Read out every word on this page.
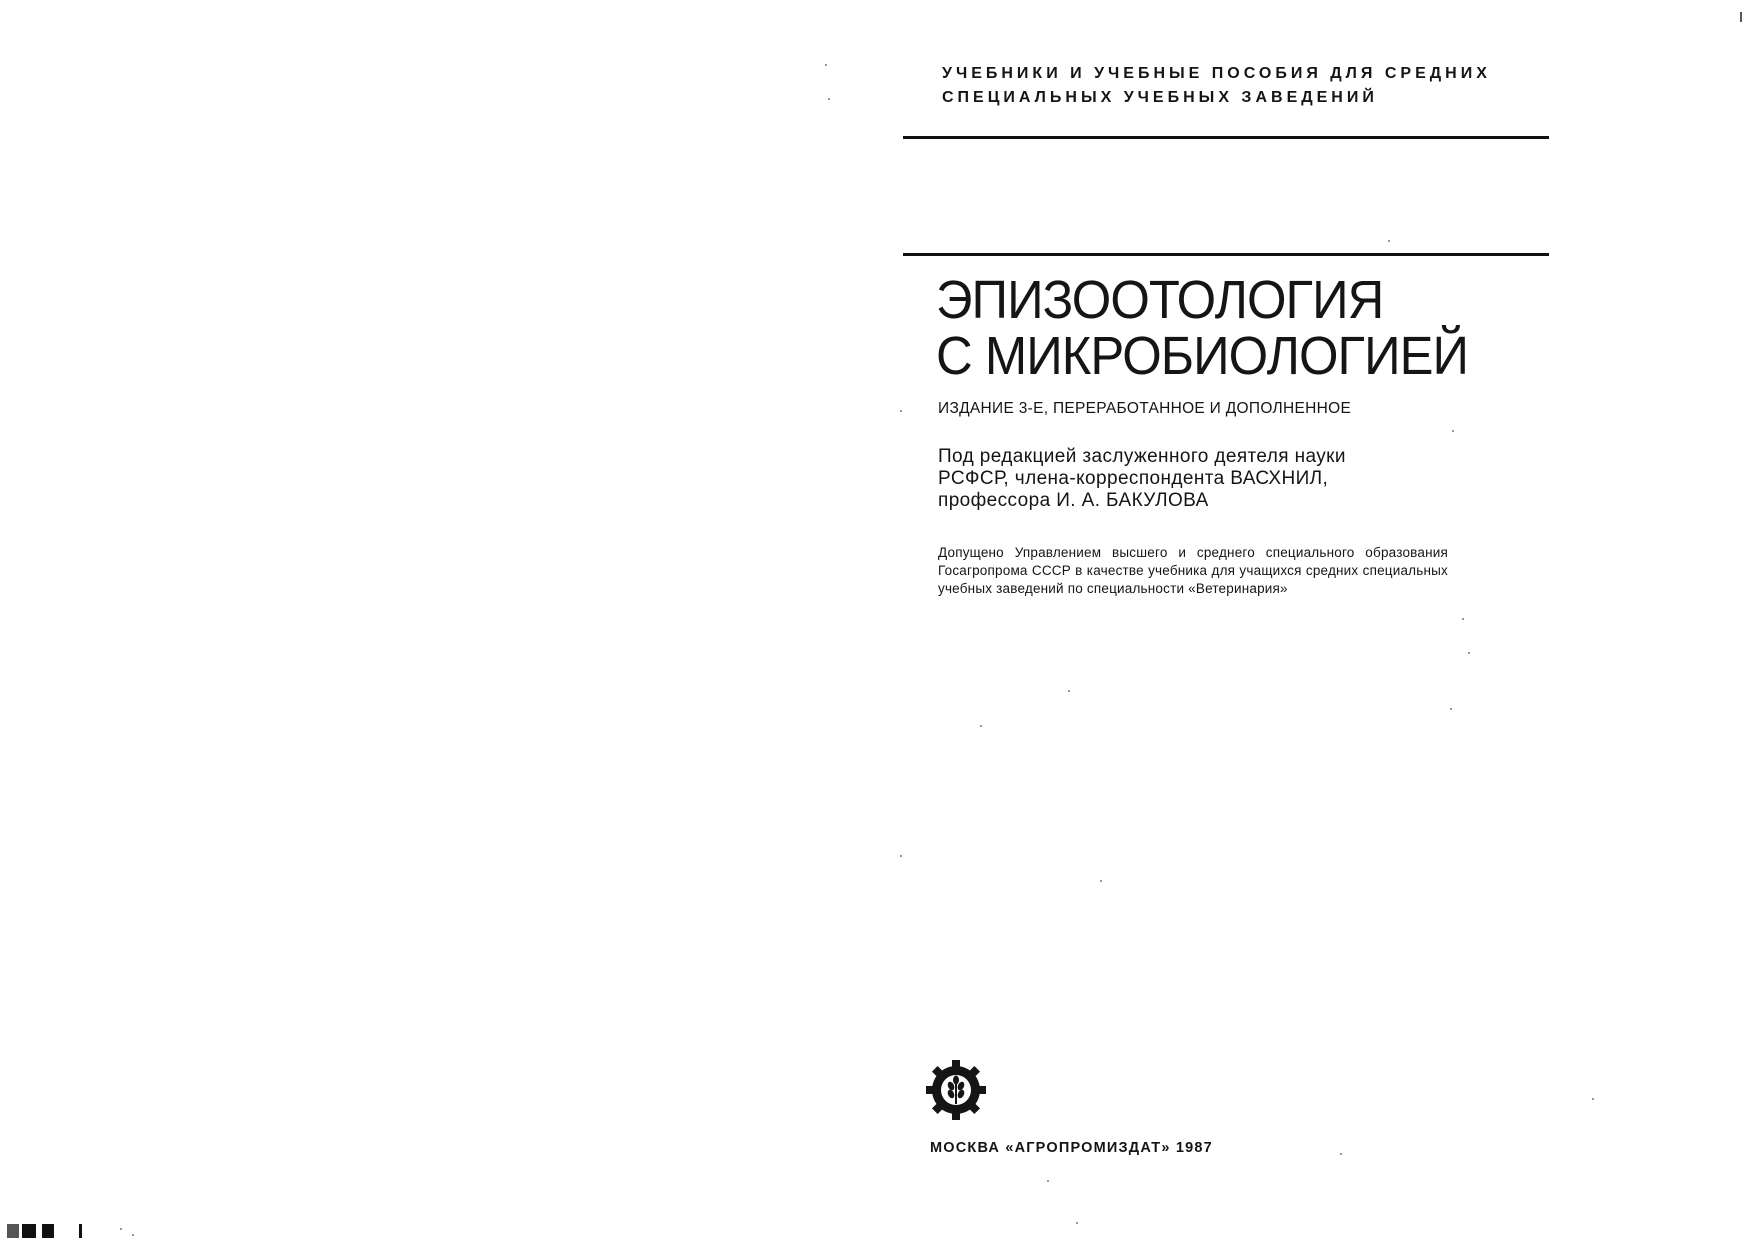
УЧЕБНИКИ И УЧЕБНЫЕ ПОСОБИЯ ДЛЯ СРЕДНИХ
СПЕЦИАЛЬНЫХ УЧЕБНЫХ ЗАВЕДЕНИЙ
ЭПИЗООТОЛОГИЯ
С МИКРОБИОЛОГИЕЙ
ИЗДАНИЕ 3-Е, ПЕРЕРАБОТАННОЕ И ДОПОЛНЕННОЕ
Под редакцией заслуженного деятеля науки
РСФСР, члена-корреспондента ВАСХНИЛ,
профессора И. А. БАКУЛОВА
Допущено Управлением высшего и среднего специального образования Госагропрома СССР в качестве учебника для учащихся средних специальных учебных заведений по специальности «Ветеринария»
МОСКВА «АГРОПРОМИЗДАТ» 1987
